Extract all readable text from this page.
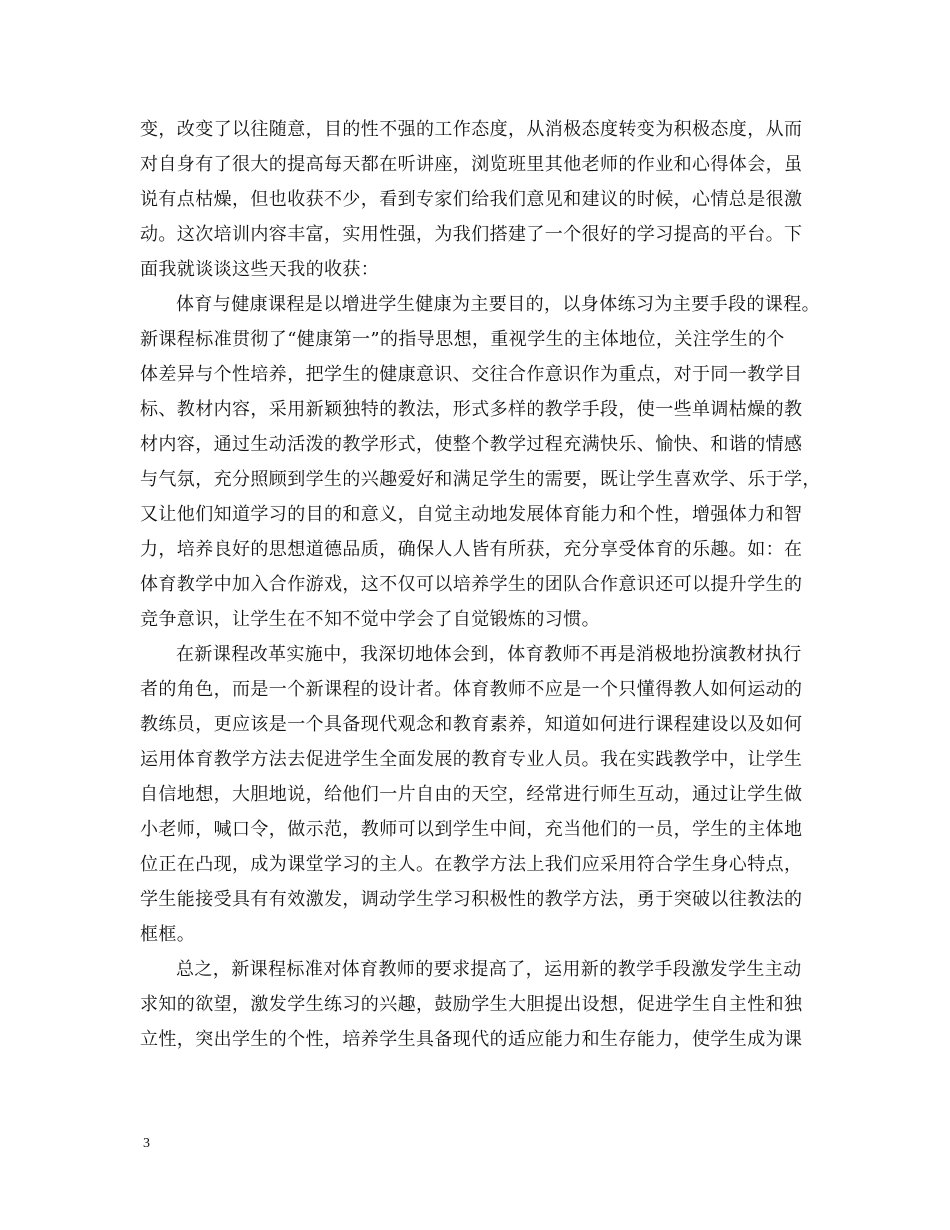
变，改变了以往随意，目的性不强的工作态度，从消极态度转变为积极态度，从而
对自身有了很大的提高每天都在听讲座，浏览班里其他老师的作业和心得体会，虽
说有点枯燥，但也收获不少，看到专家们给我们意见和建议的时候，心情总是很激
动。这次培训内容丰富，实用性强，为我们搭建了一个很好的学习提高的平台。下
面我就谈谈这些天我的收获：

体育与健康课程是以增进学生健康为主要目的，以身体练习为主要手段的课程。
新课程标准贯彻了“健康第一”的指导思想，重视学生的主体地位，关注学生的个
体差异与个性培养，把学生的健康意识、交往合作意识作为重点，对于同一教学目
标、教材内容，采用新颖独特的教法，形式多样的教学手段，使一些单调枯燥的教
材内容，通过生动活泼的教学形式，使整个教学过程充满快乐、愉快、和谐的情感
与气氛，充分照顾到学生的兴趣爱好和满足学生的需要，既让学生喜欢学、乐于学，
又让他们知道学习的目的和意义，自觉主动地发展体育能力和个性，增强体力和智
力，培养良好的思想道德品质，确保人人皆有所获，充分享受体育的乐趣。如：在
体育教学中加入合作游戏，这不仅可以培养学生的团队合作意识还可以提升学生的
竞争意识，让学生在不知不觉中学会了自觉锻炼的习惯。

在新课程改革实施中，我深切地体会到，体育教师不再是消极地扮演教材执行
者的角色，而是一个新课程的设计者。体育教师不应是一个只懂得教人如何运动的
教练员，更应该是一个具备现代观念和教育素养，知道如何进行课程建设以及如何
运用体育教学方法去促进学生全面发展的教育专业人员。我在实践教学中，让学生
自信地想，大胆地说，给他们一片自由的天空，经常进行师生互动，通过让学生做
小老师，喊口令，做示范，教师可以到学生中间，充当他们的一员，学生的主体地
位正在凸现，成为课堂学习的主人。在教学方法上我们应采用符合学生身心特点，
学生能接受具有有效激发，调动学生学习积极性的教学方法，勇于突破以往教法的
框框。

总之，新课程标准对体育教师的要求提高了，运用新的教学手段激发学生主动
求知的欲望，激发学生练习的兴趣，鼓励学生大胆提出设想，促进学生自主性和独
立性，突出学生的个性，培养学生具备现代的适应能力和生存能力，使学生成为课

3
